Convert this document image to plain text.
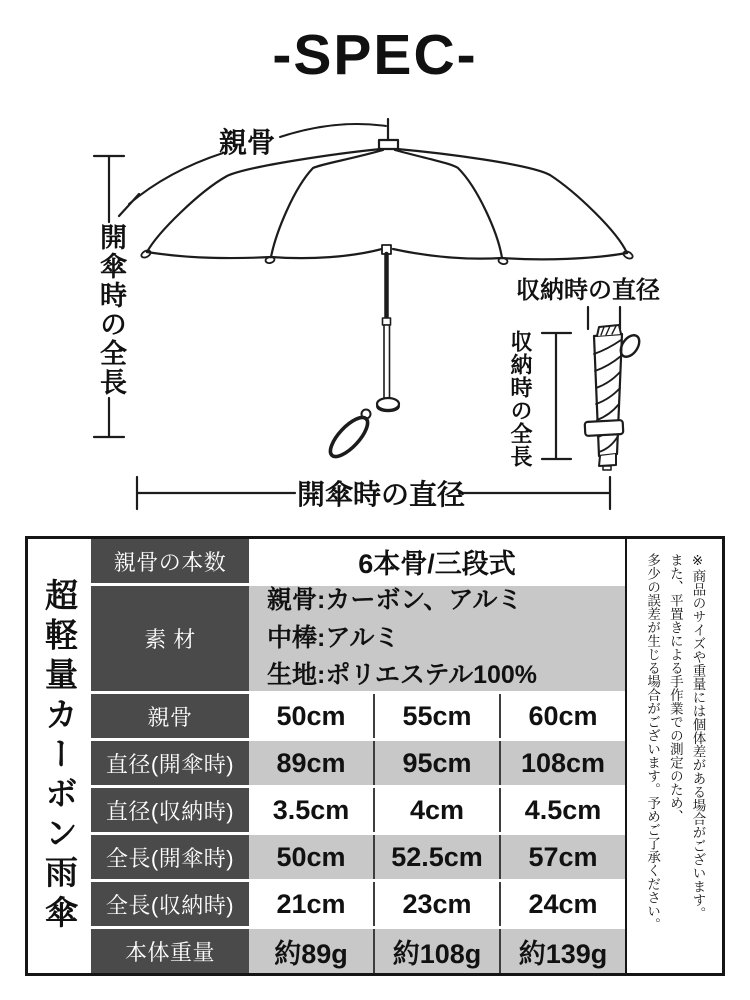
-SPEC-
親骨
開傘時の全長	収納時の直径
収納時の全長
開傘時の直径
超軽量カーボン雨傘
親骨の本数	6本骨/三段式
素 材
親骨:カーボン、アルミ
中棒:アルミ
生地:ポリエステル100%
親骨	50cm	55cm	60cm
直径(開傘時)	89cm	95cm	108cm
直径(収納時)	3.5cm	4cm	4.5cm
全長(開傘時)	50cm	52.5cm	57cm
全長(収納時)	21cm	23cm	24cm
本体重量	約89g	約108g	約139g
※商品のサイズや重量には個体差がある場合がございます。
また、平置きによる手作業での測定のため、
多少の誤差が生じる場合がございます。予めご了承ください。
